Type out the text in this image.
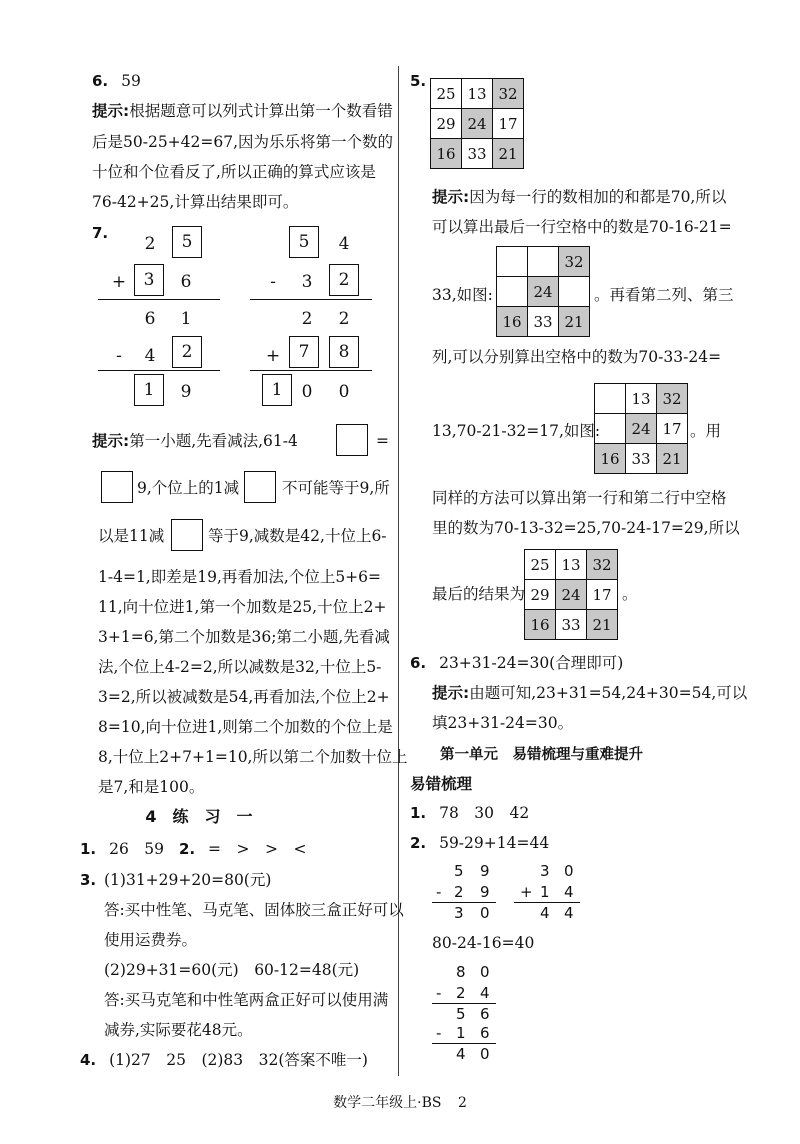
6. 59
提示:根据题意可以列式计算出第一个数看错
后是50-25+42=67,因为乐乐将第一个数的
十位和个位看反了,所以正确的算式应该是
76-42+25,计算出结果即可。
7.
2	5
+	3	6
6 1
-	4	2
1	9
5	4
-	3	2
2 2
+	7	8
1	0 0
提示:第一小题,先看减法,61-4	=
9,个位上的1减	不可能等于9,所
以是11减	等于9,减数是42,十位上6-
1-4=1,即差是19,再看加法,个位上5+6=
11,向十位进1,第一个加数是25,十位上2+
3+1=6,第二个加数是36;第二小题,先看减
法,个位上4-2=2,所以减数是32,十位上5-
3=2,所以被减数是54,再看加法,个位上2+
8=10,向十位进1,则第二个加数的个位上是
8,十位上2+7+1=10,所以第二个加数十位上
是7,和是100。
4　练　习　一
1. 26　59 2. =　>　>　<
3. (1)31+29+20=80(元)
答:买中性笔、马克笔、固体胶三盒正好可以
使用运费券。
(2)29+31=60(元)　60-12=48(元)
答:买马克笔和中性笔两盒正好可以使用满
减券,实际要花48元。
4. (1)27　25　(2)83　32(答案不唯一)
5.
25	13	32
29	24	17
16	33	21
提示:因为每一行的数相加的和都是70,所以
可以算出最后一行空格中的数是70-16-21=
		32
	24	
16	33	21
33,如图:	。再看第二列、第三
列,可以分别算出空格中的数为70-33-24=
	13	32
	24	17
16	33	21
13,70-21-32=17,如图:	。用
同样的方法可以算出第一行和第二行中空格
里的数为70-13-32=25,70-24-17=29,所以
25	13	32
29	24	17
16	33	21
最后的结果为	。
6. 23+31-24=30(合理即可)
提示:由题可知,23+31=54,24+30=54,可以
填23+31-24=30。
第一单元　易错梳理与重难提升
易错梳理
1. 78　30　42
2. 59-29+14=44
5 9
- 2 9
3 0
3 0
+ 1 4
4 4
80-24-16=40
8 0
- 2 4
5 6
- 1 6
4 0
数学二年级上·BS 2
